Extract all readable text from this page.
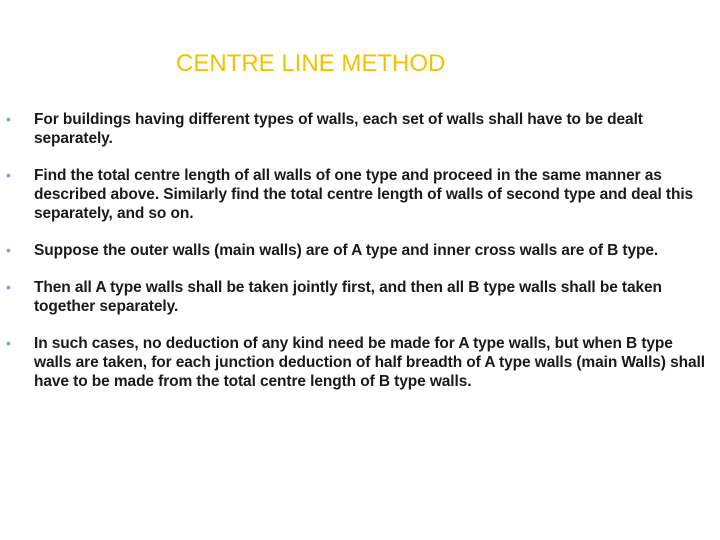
CENTRE LINE METHOD
• For buildings having different types of walls, each set of walls shall have to be dealt separately.
• Find the total centre length of all walls of one type and proceed in the same manner as described above. Similarly find the total centre length of walls of second type and deal this separately, and so on.
• Suppose the outer walls (main walls) are of A type and inner cross walls are of B type.
• Then all A type walls shall be taken jointly first, and then all B type walls shall be taken together separately.
• In such cases, no deduction of any kind need be made for A type walls, but when B type walls are taken, for each junction deduction of half breadth of A type walls (main Walls) shall have to be made from the total centre length of B type walls.
